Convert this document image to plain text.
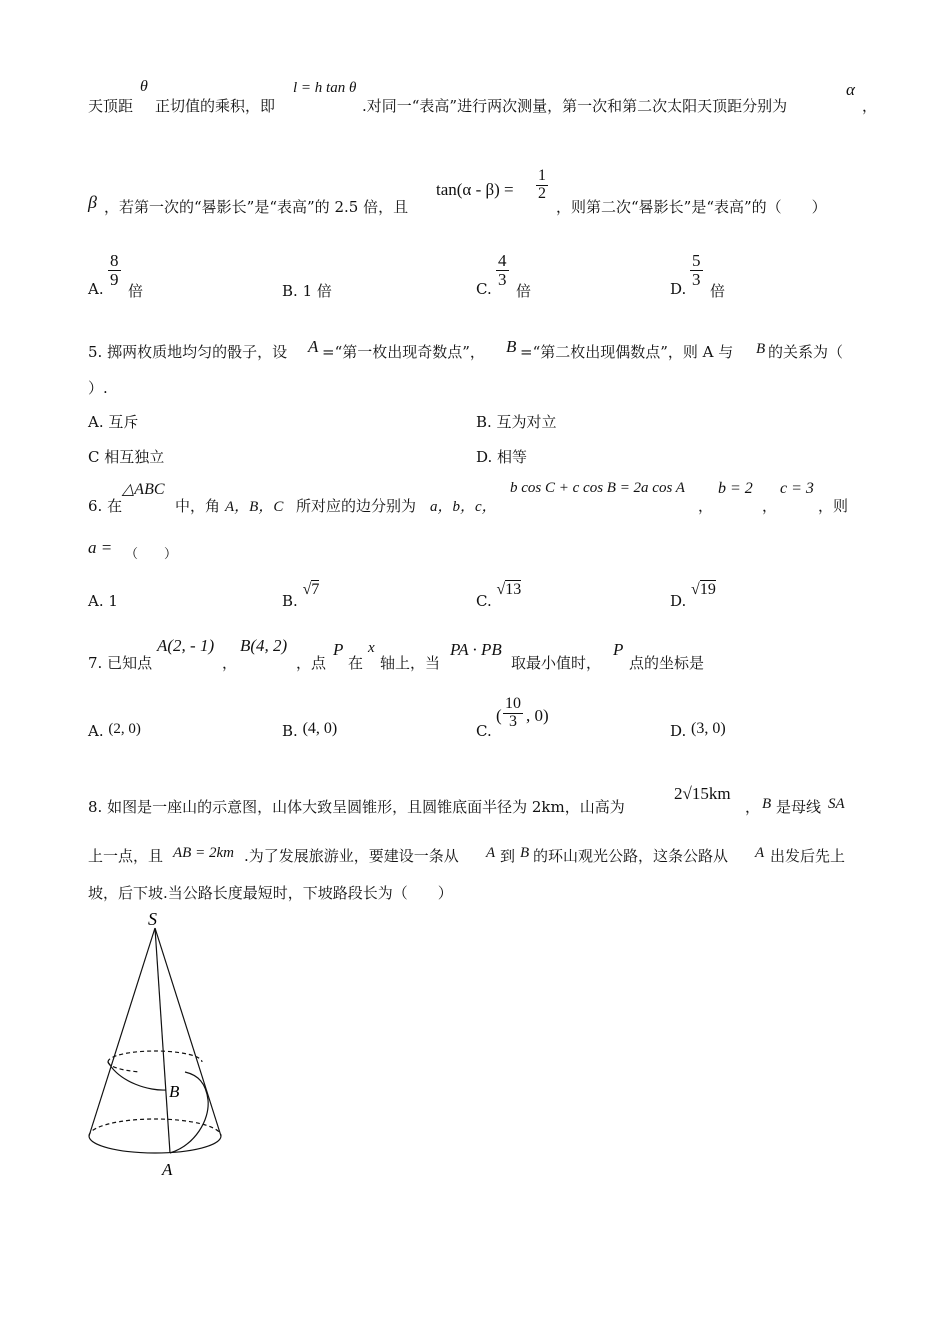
天顶距
θ
正切值的乘积，即
l = h tan θ
.对同一“表高”进行两次测量，第一次和第二次太阳天顶距分别为
α
，
β ，若第一次的“晷影长”是“表高”的 2.5 倍，且
$\tan(\alpha - \beta) = \frac{1}{2}$
，则第二次“晷影长”是“表高”的（　　）
A.
$\frac{8}{9}$
倍	B. 1 倍	C.
$\frac{4}{3}$
倍	D.
$\frac{5}{3}$
倍
5. 掷两枚质地均匀的骰子，设 A =“第一枚出现奇数点”， B =“第二枚出现偶数点”，则 A 与 B 的关系为（
）.
A. 互斥	B. 互为对立
C 相互独立	D. 相等
6. 在
△ABC
中，角 A，B，C 所对应的边分别为 a，b，c，
b cos C + c cos B = 2a cos A
，
b = 2
，
c = 3
，则
a = （　　）
A. 1	B. √7
C. √13
D. √19
7. 已知点
A(2, - 1)
，
B(4, 2)
，点
P
在
x
轴上，当
PA · PB
取最小值时，
P
点的坐标是
A. (2, 0)	B. (4, 0)	C.
( $\frac{10}{3}$ , 0)
D. (3, 0)
8. 如图是一座山的示意图，山体大致呈圆锥形，且圆锥底面半径为 2km，山高为
2√15km
， B 是母线 SA
上一点，且 AB = 2km .为了发展旅游业，要建设一条从 A 到 B 的环山观光公路，这条公路从 A 出发后先上
坡，后下坡.当公路长度最短时，下坡路段长为（　　）
S
B
A
